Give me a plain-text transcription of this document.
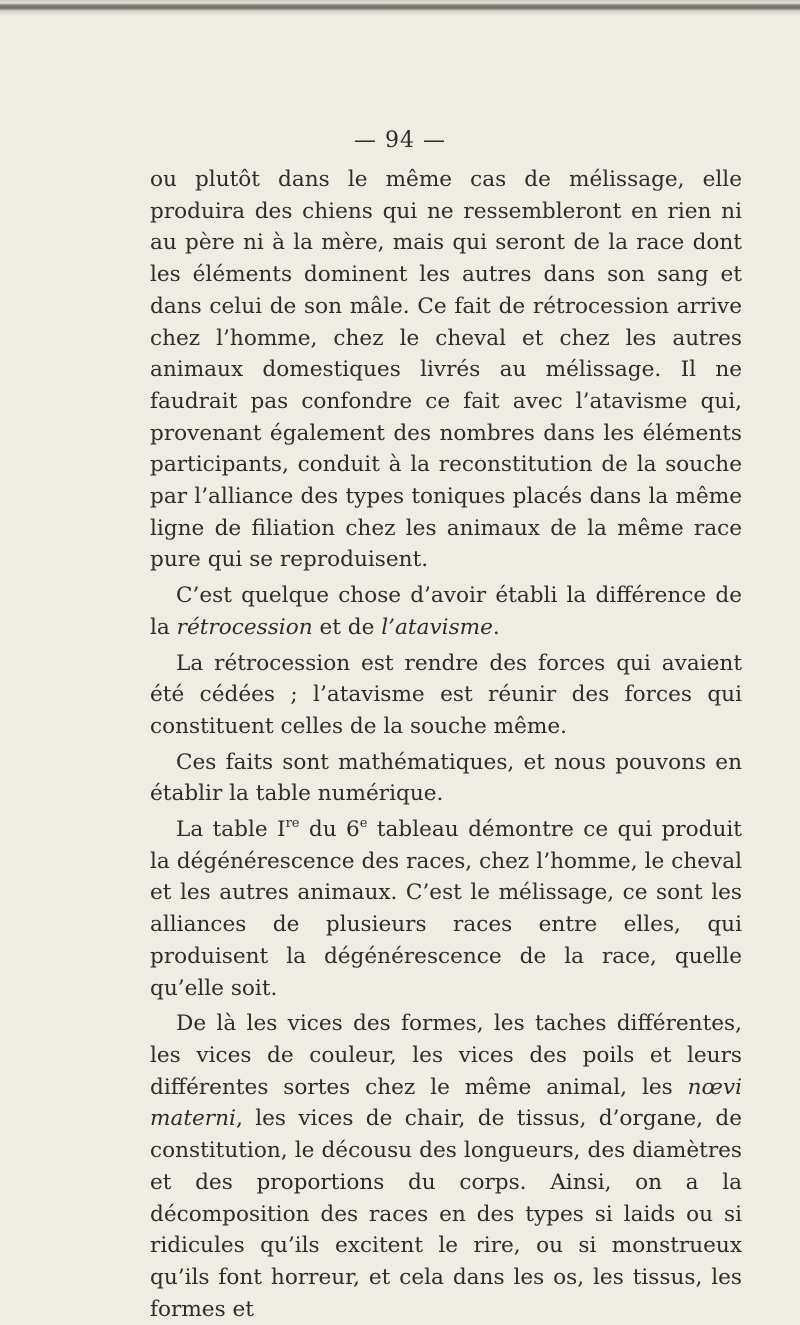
— 94 —

ou plutôt dans le même cas de mélissage, elle produira des chiens qui ne ressembleront en rien ni au père ni à la mère, mais qui seront de la race dont les éléments dominent les autres dans son sang et dans celui de son mâle. Ce fait de rétrocession arrive chez l’homme, chez le cheval et chez les autres animaux domestiques livrés au mélissage. Il ne faudrait pas confondre ce fait avec l’atavisme qui, provenant également des nombres dans les éléments participants, conduit à la reconstitution de la souche par l’alliance des types toniques placés dans la même ligne de filiation chez les animaux de la même race pure qui se reproduisent.

C’est quelque chose d’avoir établi la différence de la rétrocession et de l’atavisme.

La rétrocession est rendre des forces qui avaient été cédées ; l’atavisme est réunir des forces qui constituent celles de la souche même.

Ces faits sont mathématiques, et nous pouvons en établir la table numérique.

La table Ire du 6e tableau démontre ce qui produit la dégénérescence des races, chez l’homme, le cheval et les autres animaux. C’est le mélissage, ce sont les alliances de plusieurs races entre elles, qui produisent la dégénérescence de la race, quelle qu’elle soit.

De là les vices des formes, les taches différentes, les vices de couleur, les vices des poils et leurs différentes sortes chez le même animal, les nœvi materni, les vices de chair, de tissus, d’organe, de constitution, le décousu des longueurs, des diamètres et des proportions du corps. Ainsi, on a la décomposition des races en des types si laids ou si ridicules qu’ils excitent le rire, ou si monstrueux qu’ils font horreur, et cela dans les os, les tissus, les formes et
